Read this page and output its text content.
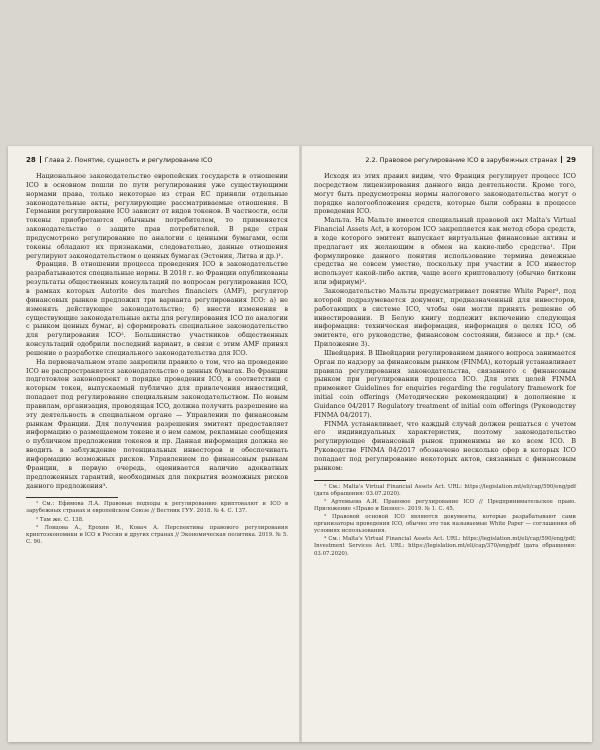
28 Глава 2. Понятие, сущность и регулирование ICO

Национальное законодательство европейских государств в отношении ICO в основном пошли по пути регулирования уже существующими нормами права, только некоторые из стран ЕС приняли отдельные законодательные акты, регулирующие рассматриваемые отношения. В Германии регулирование ICO зависит от видов токенов. В частности, если токены приобретаются обычным потребителем, то применяется законодательство о защите прав потребителей. В ряде стран предусмотрено регулирование по аналогии с ценными бумагами, если токены обладают их признаками, следовательно, данные отношения регулируют законодательством о ценных бумагах (Эстония, Литва и др.)¹.

Франция. В отношении процесса проведения ICO в законодательстве разрабатываются специальные нормы. В 2018 г. во Франции опубликованы результаты общественных консультаций по вопросам регулирования ICO, в рамках которых Autorite des marches financiers (AMF), регулятор финансовых рынков предложил три варианта регулирования ICO: а) не изменять действующее законодательство; б) внести изменения в существующие законодательные акты для регулирования ICO по аналогии с рынком ценных бумаг, в) сформировать специальное законодательство для регулирования ICO². Большинство участников общественных консультаций одобрили последний вариант, в связи с этим AMF принял решение о разработке специального законодательства для ICO.

На первоначальном этапе закрепили правило о том, что на проведение ICO не распространяется законодательство о ценных бумагах. Во Франции подготовлен законопроект о порядке проведения ICO, в соответствии с которым токен, выпускаемый публично для привлечения инвестиций, попадает под регулирование специальным законодательством. По новым правилам, организация, проводящая ICO, должна получить разрешение на эту деятельность в специальном органе — Управлении по финансовым рынкам Франции. Для получения разрешения эмитент предоставляет информацию о размещаемом токене и о нем самом, рекламные сообщения о публичном предложении токенов и пр. Данная информация должна не вводить в заблуждение потенциальных инвесторов и обеспечивать информацию возможных рисков. Управлением по финансовым рынкам Франции, в первую очередь, оценивается наличие адекватных предложенных гарантий, необходимых для покрытия возможных рисков данного предложения³.

¹ См.: Ефимова Л.А. Правовые подходы к регулированию криптовалют и ICO в зарубежных странах и европейском Союзе // Вестник ГУУ. 2018. № 4. С. 137.

² Там же. С. 138.

³ Ловцова А., Ерохин И., Ковач А. Перспективы правового регулирования криптоэкономики и ICO в России и других странах // Экономическая политика. 2019. № 5. С. 90.

2.2. Правовое регулирование ICO в зарубежных странах 29

Исходя из этих правил видим, что Франция регулирует процесс ICO посредством лицензирования данного вида деятельности. Кроме того, могут быть предусмотрены нормы налогового законодательства могут о порядке налогообложения средств, которые были собраны в процессе проведения ICO.

Мальта. На Мальте имеется специальный правовой акт Malta's Virtual Financial Assets Act, в котором ICO закрепляется как метод сбора средств, в ходе которого эмитент выпускает виртуальные финансовые активы и предлагает их желающим в обмен на какие-либо средства¹. При формулировке данного понятия использование термина денежные средства не совсем уместно, поскольку при участии в ICO инвестор использует какой-либо актив, чаще всего криптовалюту (обычно биткоин или эфириум)².

Законодательство Мальты предусматривает понятие White Paper³, под которой подразумевается документ, предназначенный для инвесторов, работающих в системе ICO, чтобы они могли принять решение об инвестировании. В Белую книгу подлежит включению следующая информация: техническая информация, информация о целях ICO, об эмитенте, его руководстве, финансовом состоянии, бизнесе и пр.⁴ (см. Приложение 3).

Швейцария. В Швейцарии регулированием данного вопроса занимается Орган по надзору за финансовым рынком (FINMA), который устанавливает правила регулирования законодательства, связанного с финансовым рынком при регулировании процесса ICO. Для этих целей FINMA применяет Guidelines for enquiries regarding the regulatory framework for initial coin offerings (Методические рекомендации) в дополнение к Guidance 04/2017 Regulatory treatment of initial coin offerings (Руководству FINMA 04/2017).

FINMA устанавливает, что каждый случай должен решаться с учетом его индивидуальных характеристик, поэтому законодательство регулирующее финансовый рынок применимы не ко всем ICO. В Руководстве FINMA 04/2017 обозначено несколько сфер в которых ICO попадает под регулирование некоторых актов, связанных с финансовым рынком:

¹ См.: Malta's Virtual Financial Assets Act. URL: https://legislation.mt/eli/cap/590/eng/pdf (дата обращения: 03.07.2020).

² Артемьева А.И. Правовое регулирование ICO // Предпринимательское право. Приложение «Право и Бизнес». 2019. № 1. С. 45.

³ Правовой основой ICO являются документы, которые разрабатывают сами организаторы проведения ICO, обычно это так называемые White Paper — соглашения об условиях использования.

⁴ См.: Malta's Virtual Financial Assets Act. URL: https://legislation.mt/eli/cap/590/eng/pdf; Investment Services Act. URL: https://legislation.mt/eli/cap/370/eng/pdf (дата обращения: 03.07.2020).
